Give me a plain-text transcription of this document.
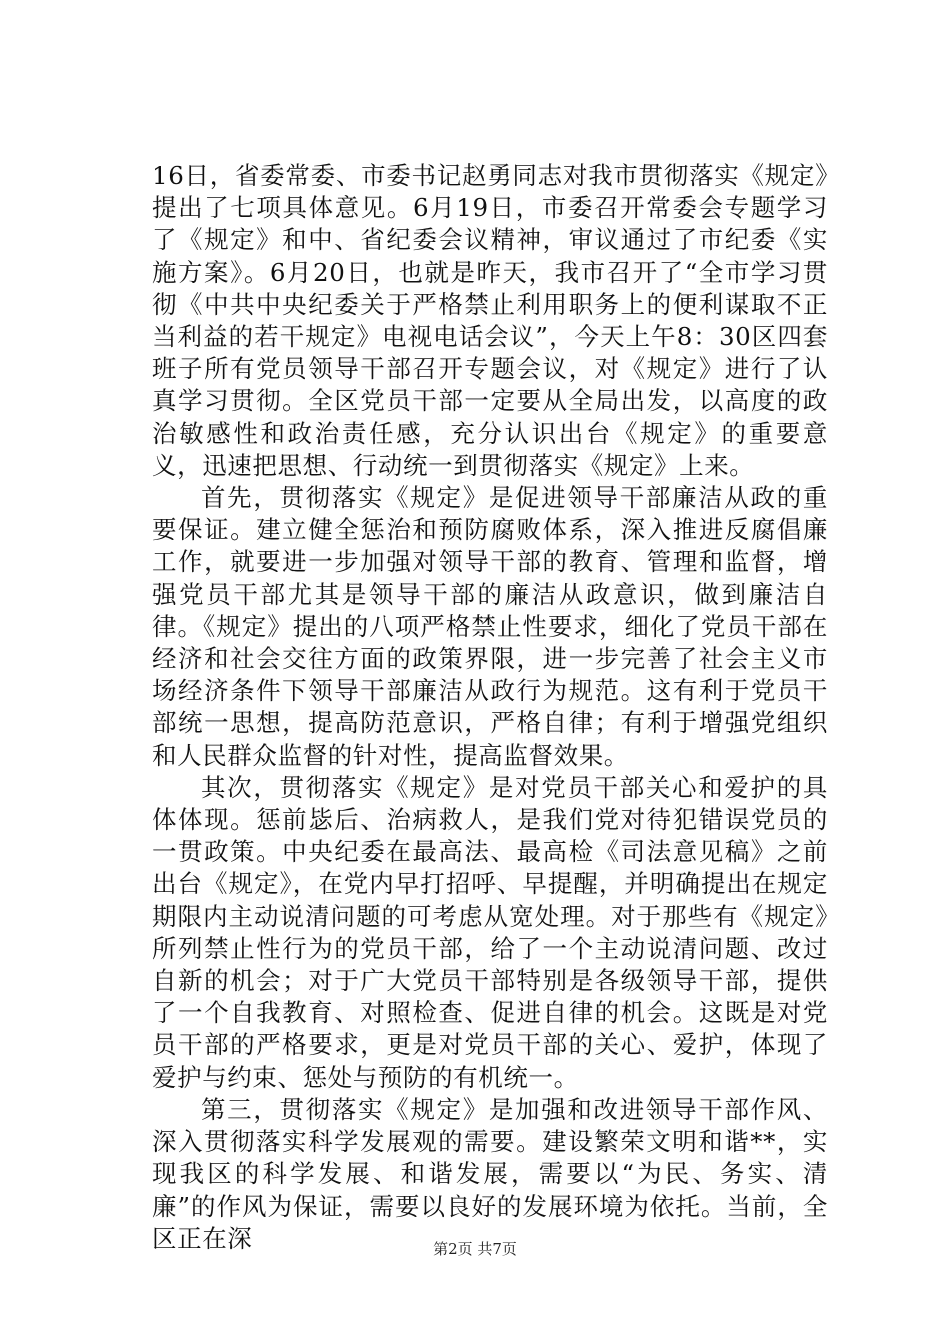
16日，省委常委、市委书记赵勇同志对我市贯彻落实《规定》提出了七项具体意见。6月19日，市委召开常委会专题学习了《规定》和中、省纪委会议精神，审议通过了市纪委《实施方案》。6月20日，也就是昨天，我市召开了“全市学习贯彻《中共中央纪委关于严格禁止利用职务上的便利谋取不正当利益的若干规定》电视电话会议”，今天上午8：30区四套班子所有党员领导干部召开专题会议，对《规定》进行了认真学习贯彻。全区党员干部一定要从全局出发，以高度的政治敏感性和政治责任感，充分认识出台《规定》的重要意义，迅速把思想、行动统一到贯彻落实《规定》上来。

首先，贯彻落实《规定》是促进领导干部廉洁从政的重要保证。建立健全惩治和预防腐败体系，深入推进反腐倡廉工作，就要进一步加强对领导干部的教育、管理和监督，增强党员干部尤其是领导干部的廉洁从政意识，做到廉洁自律。《规定》提出的八项严格禁止性要求，细化了党员干部在经济和社会交往方面的政策界限，进一步完善了社会主义市场经济条件下领导干部廉洁从政行为规范。这有利于党员干部统一思想，提高防范意识，严格自律；有利于增强党组织和人民群众监督的针对性，提高监督效果。

其次，贯彻落实《规定》是对党员干部关心和爱护的具体体现。惩前毖后、治病救人，是我们党对待犯错误党员的一贯政策。中央纪委在最高法、最高检《司法意见稿》之前出台《规定》，在党内早打招呼、早提醒，并明确提出在规定期限内主动说清问题的可考虑从宽处理。对于那些有《规定》所列禁止性行为的党员干部，给了一个主动说清问题、改过自新的机会；对于广大党员干部特别是各级领导干部，提供了一个自我教育、对照检查、促进自律的机会。这既是对党员干部的严格要求，更是对党员干部的关心、爱护，体现了爱护与约束、惩处与预防的有机统一。

第三，贯彻落实《规定》是加强和改进领导干部作风、深入贯彻落实科学发展观的需要。建设繁荣文明和谐**，实现我区的科学发展、和谐发展，需要以“为民、务实、清廉”的作风为保证，需要以良好的发展环境为依托。当前，全区正在深	第2页 共7页
